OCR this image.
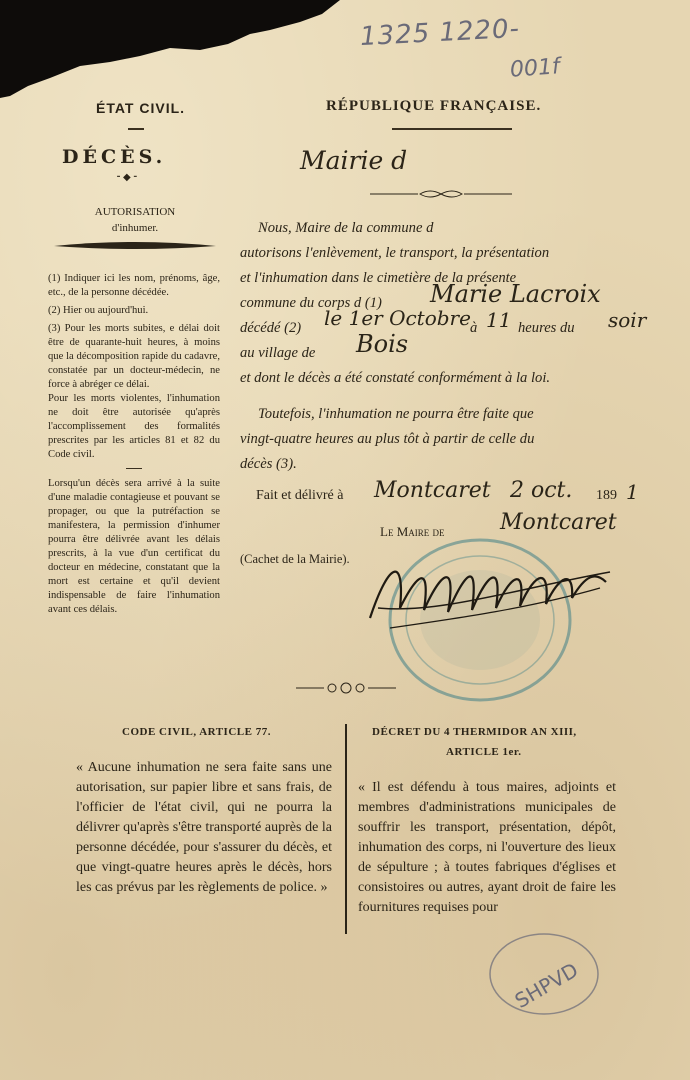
1325 1220-
001f
ÉTAT CIVIL.
DÉCÈS.
⁃◆⁃
AUTORISATION
d'inhumer.

(1) Indiquer ici les nom, prénoms, âge, etc., de la personne décédée.

(2) Hier ou aujourd'hui.

(3) Pour les morts subites, e délai doit être de quarante-huit heures, à moins que la décomposition rapide du cadavre, constatée par un docteur-médecin, ne force à abréger ce délai.

Pour les morts violentes, l'inhumation ne doit être autorisée qu'après l'accomplissement des formalités prescrites par les articles 81 et 82 du Code civil.

Lorsqu'un décès sera arrivé à la suite d'une maladie contagieuse et pouvant se propager, ou que la putréfaction se manifestera, la permission d'inhumer pourra être délivrée avant les délais prescrits, à la vue d'un certificat du docteur en médecine, constatant que la mort est certaine et qu'il devient indispensable de faire l'inhumation avant ces délais.

RÉPUBLIQUE FRANÇAISE.
Mairie d
Nous, Maire de la commune d
autorisons l'enlèvement, le transport, la présentation
et l'inhumation dans le cimetière de la présente
commune du corps d (1) Marie Lacroix
décédé (2) le 1er Octobre à 11 heures du soir
au village de Bois
et dont le décès a été constaté conformément à la loi.
Toutefois, l'inhumation ne pourra être faite que
vingt-quatre heures au plus tôt à partir de celle du
décès (3).
Fait et délivré à Montcaret 2 oct. 189 1
Le Maire de	Montcaret
(Cachet de la Mairie).
CODE CIVIL, ARTICLE 77.
« Aucune inhumation ne sera faite sans une autorisation, sur papier libre et sans frais, de l'officier de l'état civil, qui ne pourra la délivrer qu'après s'être transporté auprès de la personne décédée, pour s'assurer du décès, et que vingt-quatre heures après le décès, hors les cas prévus par les règlements de police. »
DÉCRET DU 4 THERMIDOR AN XIII,
ARTICLE 1er.
« Il est défendu à tous maires, adjoints et membres d'administrations municipales de souffrir les transport, présentation, dépôt, inhumation des corps, ni l'ouverture des lieux de sépulture ; à toutes fabriques d'églises et consistoires ou autres, ayant droit de faire les fournitures requises pour
SHPVD
